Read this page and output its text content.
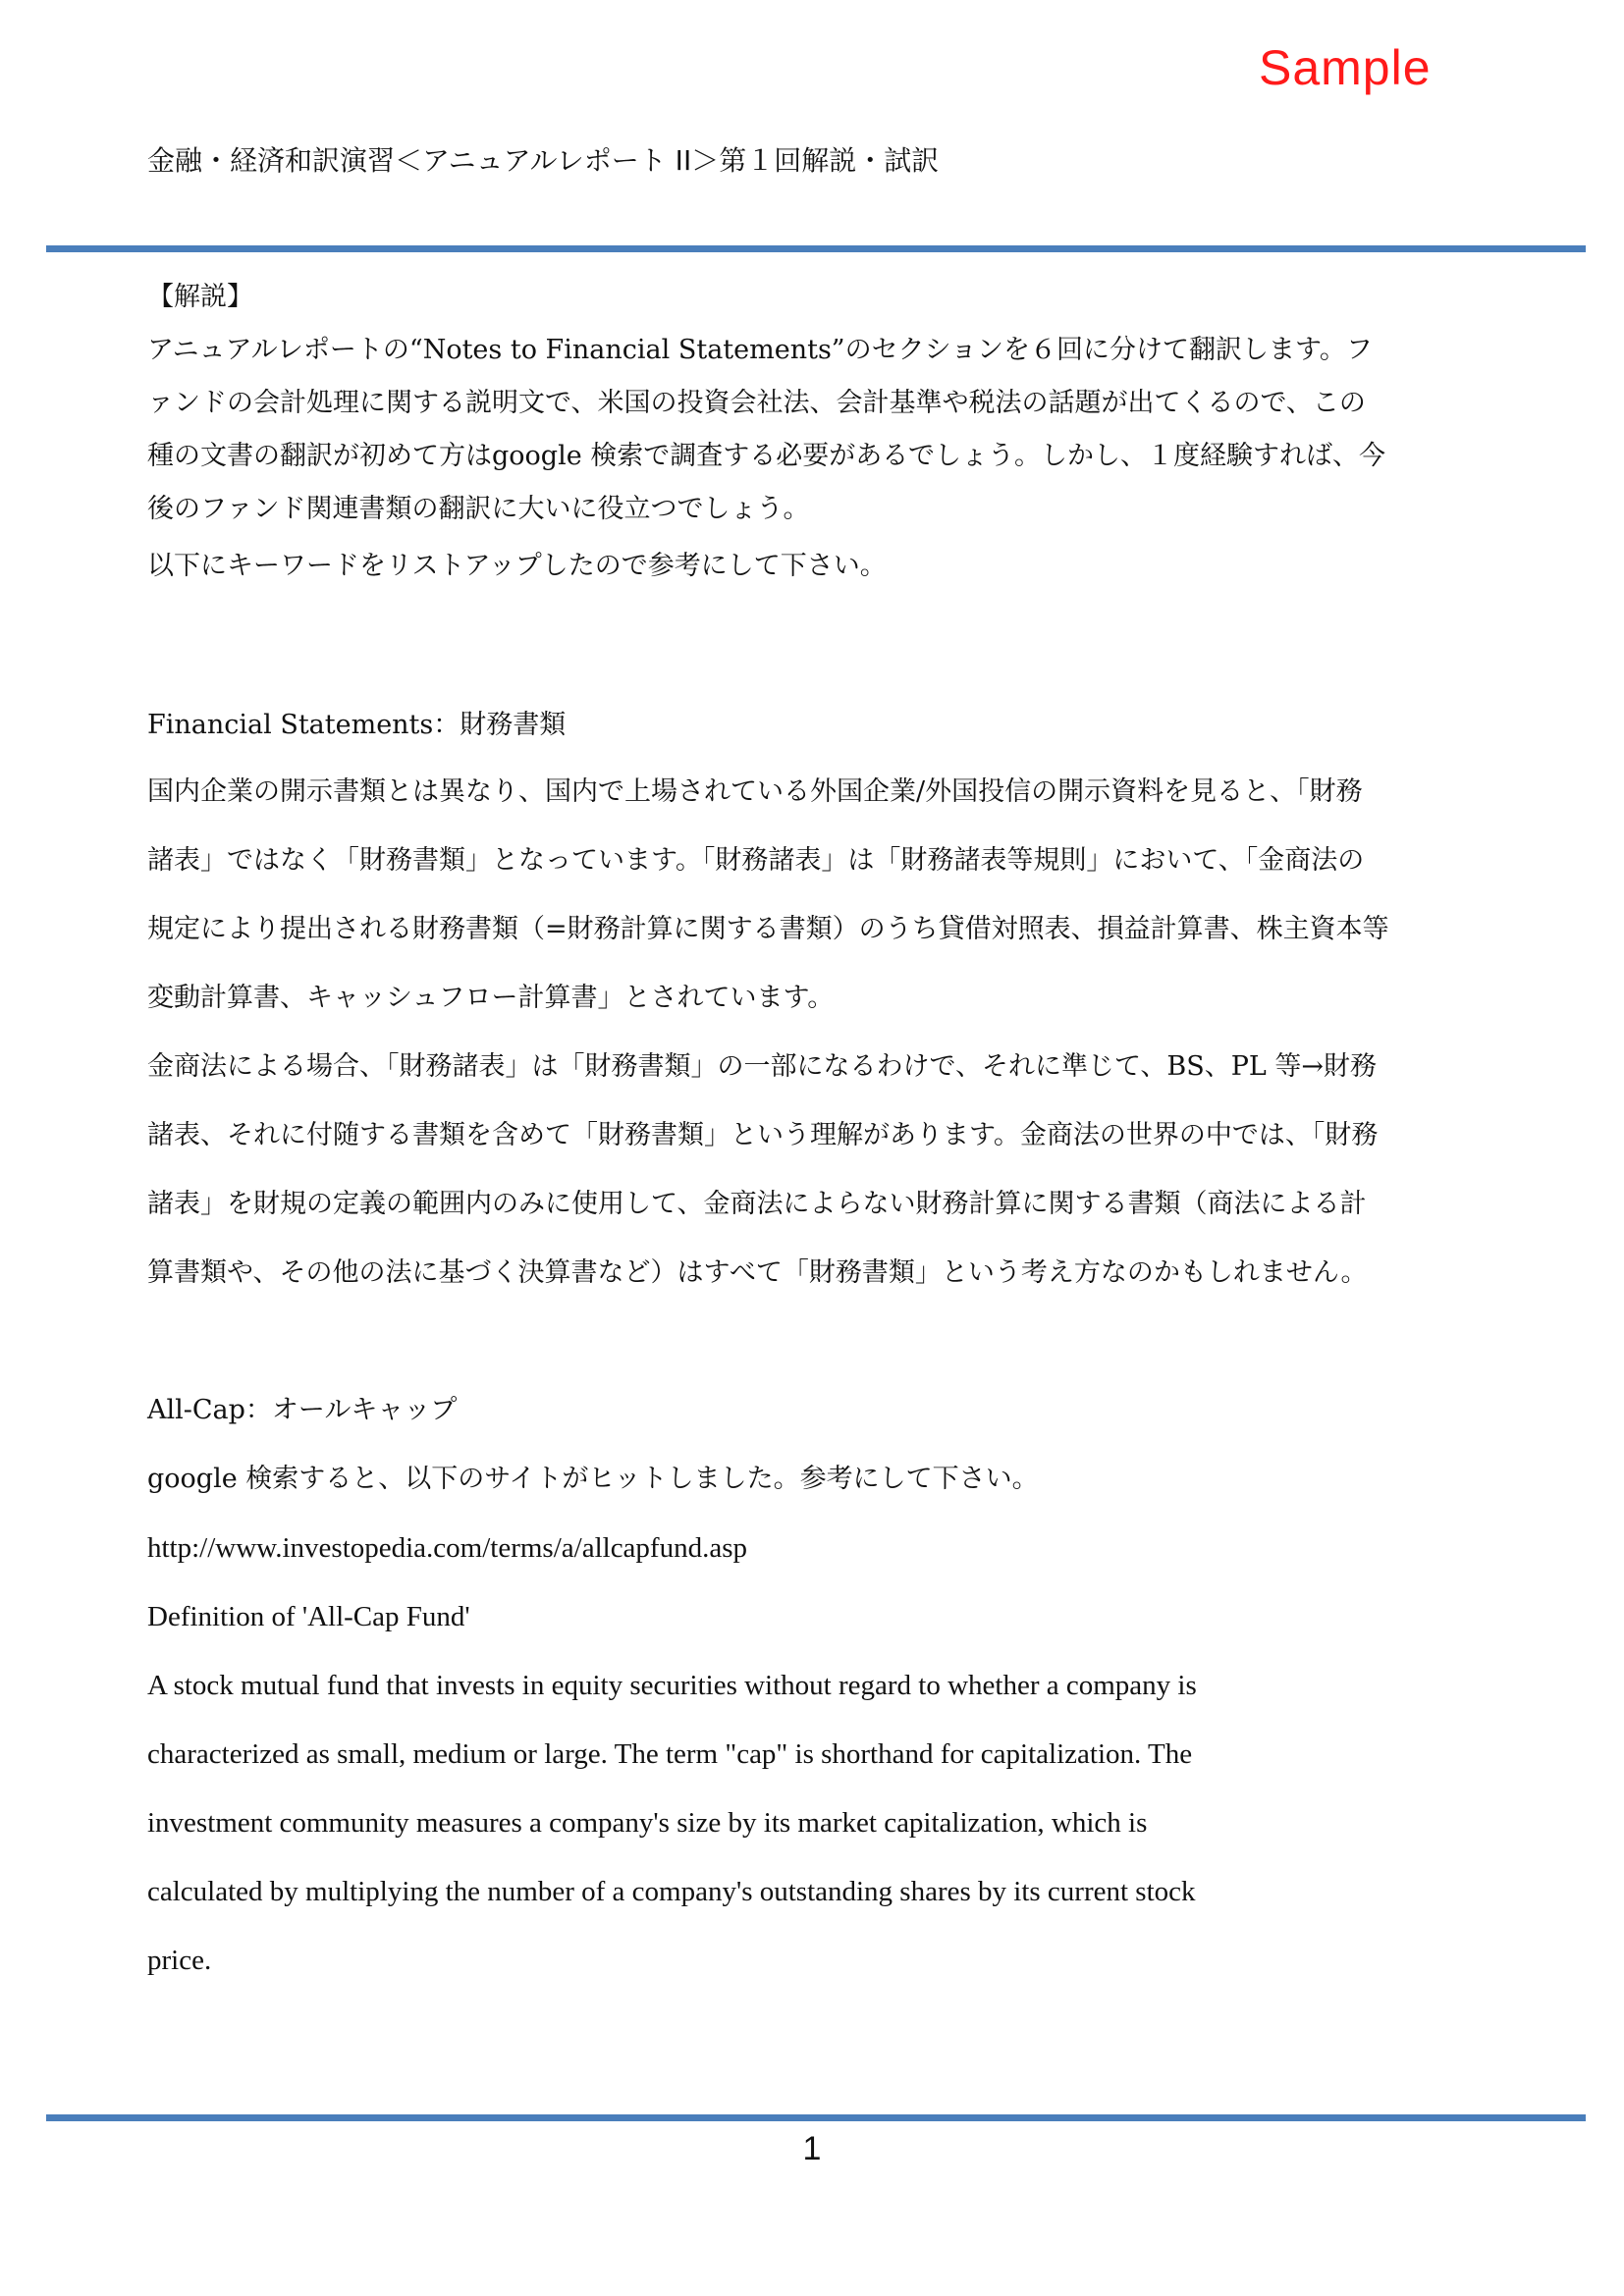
Sample
金融・経済和訳演習＜アニュアルレポート II＞第１回解説・試訳

【解説】

アニュアルレポートの“Notes to Financial Statements”のセクションを６回に分けて翻訳します。フ

ァンドの会計処理に関する説明文で、米国の投資会社法、会計基準や税法の話題が出てくるので、この

種の文書の翻訳が初めて方はgoogle 検索で調査する必要があるでしょう。しかし、１度経験すれば、今

後のファンド関連書類の翻訳に大いに役立つでしょう。

以下にキーワードをリストアップしたので参考にして下さい。

Financial Statements：財務書類

国内企業の開示書類とは異なり、国内で上場されている外国企業/外国投信の開示資料を見ると、「財務

諸表」ではなく「財務書類」となっています。「財務諸表」は「財務諸表等規則」において、「金商法の

規定により提出される財務書類（=財務計算に関する書類）のうち貸借対照表、損益計算書、株主資本等

変動計算書、キャッシュフロー計算書」とされています。

金商法による場合、「財務諸表」は「財務書類」の一部になるわけで、それに準じて、BS、PL 等→財務

諸表、それに付随する書類を含めて「財務書類」という理解があります。金商法の世界の中では、「財務

諸表」を財規の定義の範囲内のみに使用して、金商法によらない財務計算に関する書類（商法による計

算書類や、その他の法に基づく決算書など）はすべて「財務書類」という考え方なのかもしれません。

All-Cap：オールキャップ

google 検索すると、以下のサイトがヒットしました。参考にして下さい。

http://www.investopedia.com/terms/a/allcapfund.asp

Definition of 'All-Cap Fund'

A stock mutual fund that invests in equity securities without regard to whether a company is

characterized as small, medium or large. The term "cap" is shorthand for capitalization. The

investment community measures a company's size by its market capitalization, which is

calculated by multiplying the number of a company's outstanding shares by its current stock

price.

1
